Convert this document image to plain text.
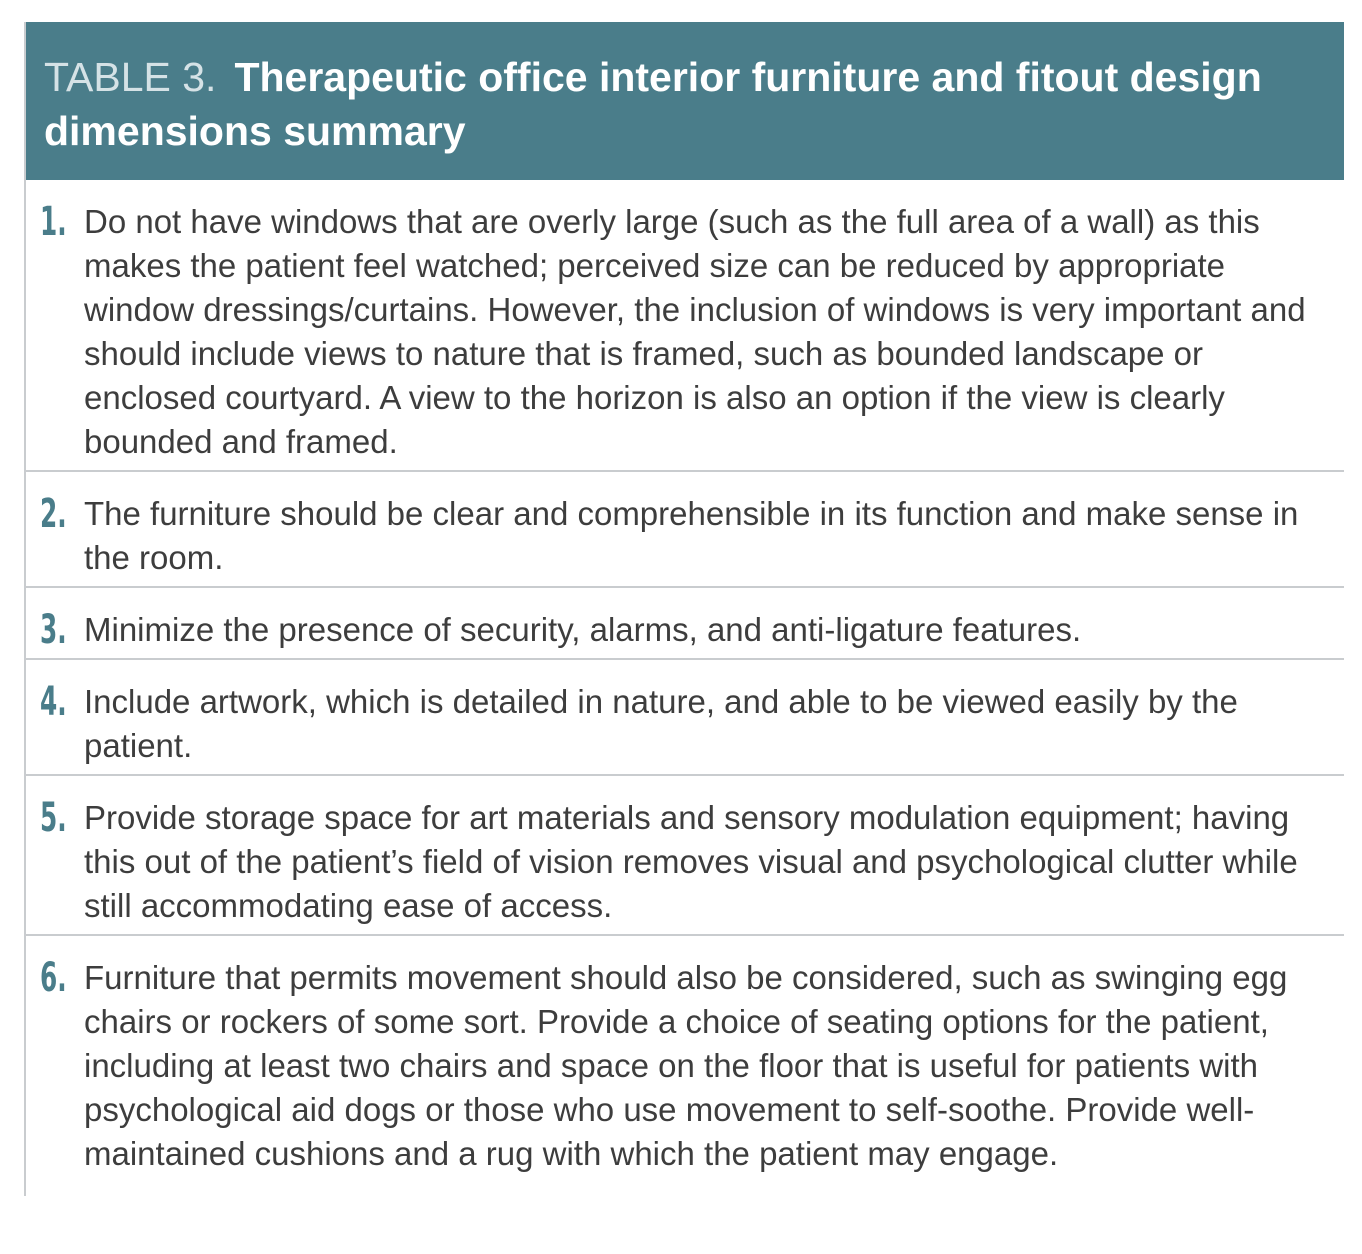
TABLE 3. Therapeutic office interior furniture and fitout design dimensions summary
1. Do not have windows that are overly large (such as the full area of a wall) as this makes the patient feel watched; perceived size can be reduced by appropriate window dressings/curtains. However, the inclusion of windows is very important and should include views to nature that is framed, such as bounded landscape or enclosed courtyard. A view to the horizon is also an option if the view is clearly bounded and framed.
2. The furniture should be clear and comprehensible in its function and make sense in the room.
3. Minimize the presence of security, alarms, and anti-ligature features.
4. Include artwork, which is detailed in nature, and able to be viewed easily by the patient.
5. Provide storage space for art materials and sensory modulation equipment; having this out of the patient’s field of vision removes visual and psychological clutter while still accommodating ease of access.
6. Furniture that permits movement should also be considered, such as swinging egg chairs or rockers of some sort. Provide a choice of seating options for the patient, including at least two chairs and space on the floor that is useful for patients with psychological aid dogs or those who use movement to self-soothe. Provide well-maintained cushions and a rug with which the patient may engage.
